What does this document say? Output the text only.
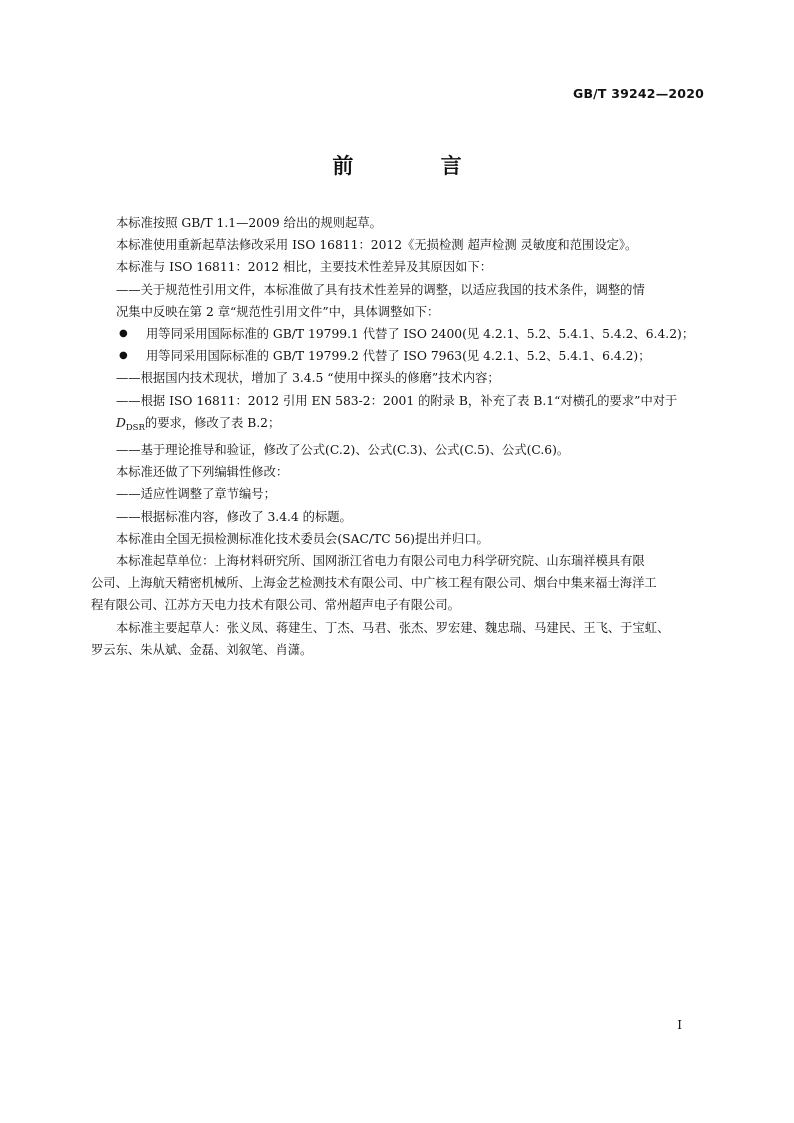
GB/T 39242—2020
前 言

本标准按照 GB/T 1.1—2009 给出的规则起草。

本标准使用重新起草法修改采用 ISO 16811：2012《无损检测 超声检测 灵敏度和范围设定》。

本标准与 ISO 16811：2012 相比，主要技术性差异及其原因如下：

——关于规范性引用文件，本标准做了具有技术性差异的调整，以适应我国的技术条件，调整的情

况集中反映在第 2 章“规范性引用文件”中，具体调整如下：

● 用等同采用国际标准的 GB/T 19799.1 代替了 ISO 2400(见 4.2.1、5.2、5.4.1、5.4.2、6.4.2)；

● 用等同采用国际标准的 GB/T 19799.2 代替了 ISO 7963(见 4.2.1、5.2、5.4.1、6.4.2)；

——根据国内技术现状，增加了 3.4.5 “使用中探头的修磨”技术内容；

——根据 ISO 16811：2012 引用 EN 583-2：2001 的附录 B，补充了表 B.1“对横孔的要求”中对于

$D_{DSR}$的要求，修改了表 B.2；

——基于理论推导和验证，修改了公式(C.2)、公式(C.3)、公式(C.5)、公式(C.6)。

本标准还做了下列编辑性修改：

——适应性调整了章节编号；

——根据标准内容，修改了 3.4.4 的标题。

本标准由全国无损检测标准化技术委员会(SAC/TC 56)提出并归口。

本标准起草单位：上海材料研究所、国网浙江省电力有限公司电力科学研究院、山东瑞祥模具有限

公司、上海航天精密机械所、上海金艺检测技术有限公司、中广核工程有限公司、烟台中集来福士海洋工

程有限公司、江苏方天电力技术有限公司、常州超声电子有限公司。

本标准主要起草人：张义凤、蒋建生、丁杰、马君、张杰、罗宏建、魏忠瑞、马建民、王飞、于宝虹、

罗云东、朱从斌、金磊、刘叙笔、肖潇。

I
